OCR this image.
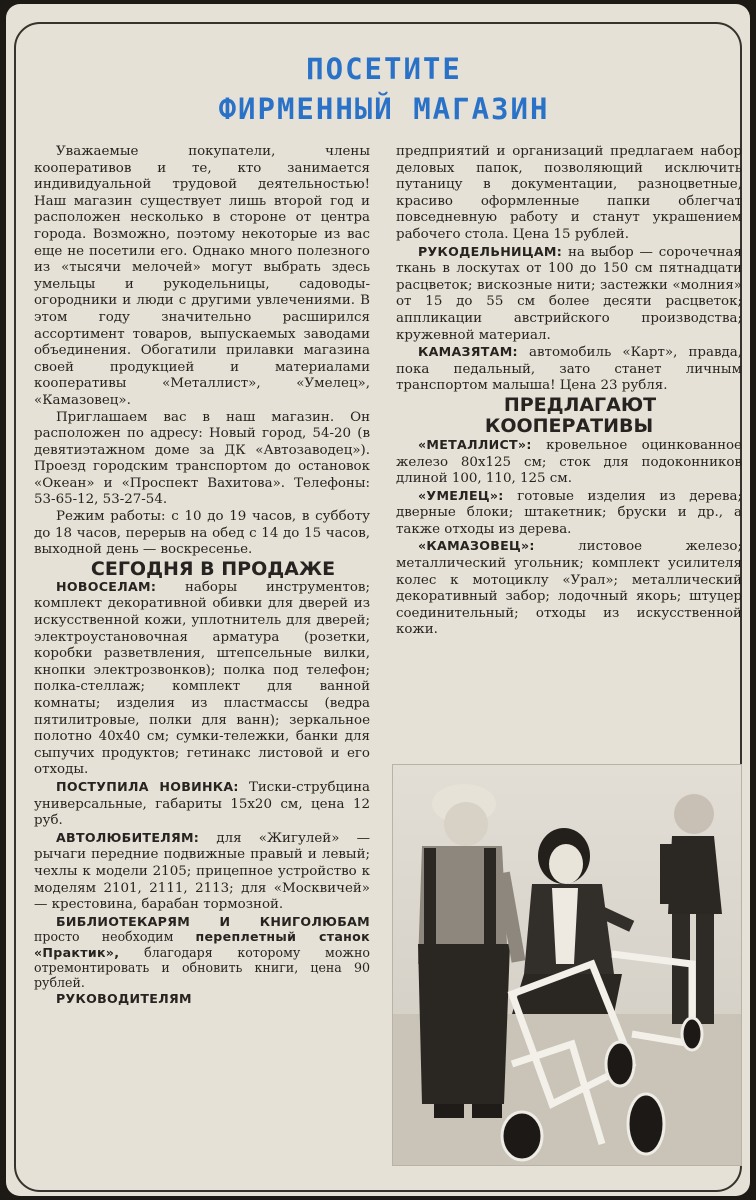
ПОСЕТИТЕ
ФИРМЕННЫЙ МАГАЗИН

Уважаемые покупатели, члены кооперативов и те, кто занимается индивидуальной трудовой деятельностью! Наш магазин существует лишь второй год и расположен несколько в стороне от центра города. Возможно, поэтому некоторые из вас еще не посетили его. Однако много полезного из «тысячи мелочей» могут выбрать здесь умельцы и рукодельницы, садоводы-огородники и люди с другими увлечениями. В этом году значительно расширился ассортимент товаров, выпускаемых заводами объединения. Обогатили прилавки магазина своей продукцией и материалами кооперативы «Металлист», «Умелец», «Камазовец».

Приглашаем вас в наш магазин. Он расположен по адресу: Новый город, 54-20 (в девятиэтажном доме за ДК «Автозаводец»). Проезд городским транспортом до остановок «Океан» и «Проспект Вахитова». Телефоны: 53-65-12, 53-27-54.

Режим работы: с 10 до 19 часов, в субботу до 18 часов, перерыв на обед с 14 до 15 часов, выходной день — воскресенье.

СЕГОДНЯ В ПРОДАЖЕ

НОВОСЕЛАМ: наборы инструментов; комплект декоративной обивки для дверей из искусственной кожи, уплотнитель для дверей; электроустановочная арматура (розетки, коробки разветвления, штепсельные вилки, кнопки электрозвонков); полка под телефон; полка-стеллаж; комплект для ванной комнаты; изделия из пластмассы (ведра пятилитровые, полки для ванн); зеркальное полотно 40х40 см; сумки-тележки, банки для сыпучих продуктов; гетинакс листовой и его отходы.

ПОСТУПИЛА НОВИНКА: Тиски-струбцина универсальные, габариты 15х20 см, цена 12 руб.

АВТОЛЮБИТЕЛЯМ: для «Жигулей» — рычаги передние подвижные правый и левый; чехлы к модели 2105; прицепное устройство к моделям 2101, 2111, 2113; для «Москвичей» — крестовина, барабан тормозной.

БИБЛИОТЕКАРЯМ И КНИГОЛЮБАМ просто необходим переплетный станок «Практик», благодаря которому можно отремонтировать и обновить книги, цена 90 рублей.

РУКОВОДИТЕЛЯМ

предприятий и организаций предлагаем набор деловых папок, позволяющий исключить путаницу в документации, разноцветные, красиво оформленные папки облегчат повседневную работу и станут украшением рабочего стола. Цена 15 рублей.

РУКОДЕЛЬНИЦАМ: на выбор — сорочечная ткань в лоскутах от 100 до 150 см пятнадцати расцветок; вискозные нити; застежки «молния» от 15 до 55 см более десяти расцветок; аппликации австрийского производства; кружевной материал.

КАМАЗЯТАМ: автомобиль «Карт», правда, пока педальный, зато станет личным транспортом малыша! Цена 23 рубля.

ПРЕДЛАГАЮТ
КООПЕРАТИВЫ

«МЕТАЛЛИСТ»: кровельное оцинкованное железо 80х125 см; сток для подоконников длиной 100, 110, 125 см.

«УМЕЛЕЦ»: готовые изделия из дерева; дверные блоки; штакетник; бруски и др., а также отходы из дерева.

«КАМАЗОВЕЦ»:	листовое железо; металлический угольник; комплект усилителя колес к мотоциклу «Урал»; металлический декоративный забор; лодочный якорь; штуцер соединительный; отходы из искусственной кожи.
